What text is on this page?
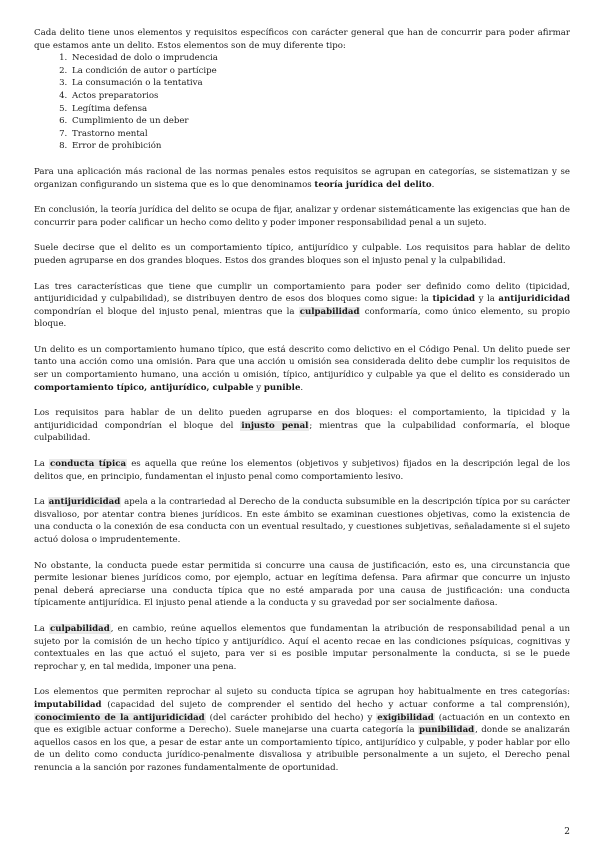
Cada delito tiene unos elementos y requisitos específicos con carácter general que han de concurrir para poder afirmar que estamos ante un delito. Estos elementos son de muy diferente tipo:

1. Necesidad de dolo o imprudencia
2. La condición de autor o partícipe
3. La consumación o la tentativa
4. Actos preparatorios
5. Legítima defensa
6. Cumplimiento de un deber
7. Trastorno mental
8. Error de prohibición

Para una aplicación más racional de las normas penales estos requisitos se agrupan en categorías, se sistematizan y se organizan configurando un sistema que es lo que denominamos teoría jurídica del delito.

En conclusión, la teoría jurídica del delito se ocupa de fijar, analizar y ordenar sistemáticamente las exigencias que han de concurrir para poder calificar un hecho como delito y poder imponer responsabilidad penal a un sujeto.

Suele decirse que el delito es un comportamiento típico, antijurídico y culpable. Los requisitos para hablar de delito pueden agruparse en dos grandes bloques. Estos dos grandes bloques son el injusto penal y la culpabilidad.

Las tres características que tiene que cumplir un comportamiento para poder ser definido como delito (tipicidad, antijuridicidad y culpabilidad), se distribuyen dentro de esos dos bloques como sigue: la tipicidad y la antijuridicidad compondrían el bloque del injusto penal, mientras que la culpabilidad conformaría, como único elemento, su propio bloque.

Un delito es un comportamiento humano típico, que está descrito como delictivo en el Código Penal. Un delito puede ser tanto una acción como una omisión. Para que una acción u omisión sea considerada delito debe cumplir los requisitos de ser un comportamiento humano, una acción u omisión, típico, antijurídico y culpable ya que el delito es considerado un comportamiento típico, antijurídico, culpable y punible.

Los requisitos para hablar de un delito pueden agruparse en dos bloques: el comportamiento, la tipicidad y la antijuridicidad compondrían el bloque del injusto penal; mientras que la culpabilidad conformaría, el bloque culpabilidad.

La conducta típica es aquella que reúne los elementos (objetivos y subjetivos) fijados en la descripción legal de los delitos que, en principio, fundamentan el injusto penal como comportamiento lesivo.

La antijuridicidad apela a la contrariedad al Derecho de la conducta subsumible en la descripción típica por su carácter disvalioso, por atentar contra bienes jurídicos. En este ámbito se examinan cuestiones objetivas, como la existencia de una conducta o la conexión de esa conducta con un eventual resultado, y cuestiones subjetivas, señaladamente si el sujeto actuó dolosa o imprudentemente.

No obstante, la conducta puede estar permitida si concurre una causa de justificación, esto es, una circunstancia que permite lesionar bienes jurídicos como, por ejemplo, actuar en legítima defensa. Para afirmar que concurre un injusto penal deberá apreciarse una conducta típica que no esté amparada por una causa de justificación: una conducta típicamente antijurídica. El injusto penal atiende a la conducta y su gravedad por ser socialmente dañosa.

La culpabilidad, en cambio, reúne aquellos elementos que fundamentan la atribución de responsabilidad penal a un sujeto por la comisión de un hecho típico y antijurídico. Aquí el acento recae en las condiciones psíquicas, cognitivas y contextuales en las que actuó el sujeto, para ver si es posible imputar personalmente la conducta, si se le puede reprochar y, en tal medida, imponer una pena.

Los elementos que permiten reprochar al sujeto su conducta típica se agrupan hoy habitualmente en tres categorías: imputabilidad (capacidad del sujeto de comprender el sentido del hecho y actuar conforme a tal comprensión), conocimiento de la antijuridicidad (del carácter prohibido del hecho) y exigibilidad (actuación en un contexto en que es exigible actuar conforme a Derecho). Suele manejarse una cuarta categoría la punibilidad, donde se analizarán aquellos casos en los que, a pesar de estar ante un comportamiento típico, antijurídico y culpable, y poder hablar por ello de un delito como conducta jurídico-penalmente disvaliosa y atribuible personalmente a un sujeto, el Derecho penal renuncia a la sanción por razones fundamentalmente de oportunidad.

2
